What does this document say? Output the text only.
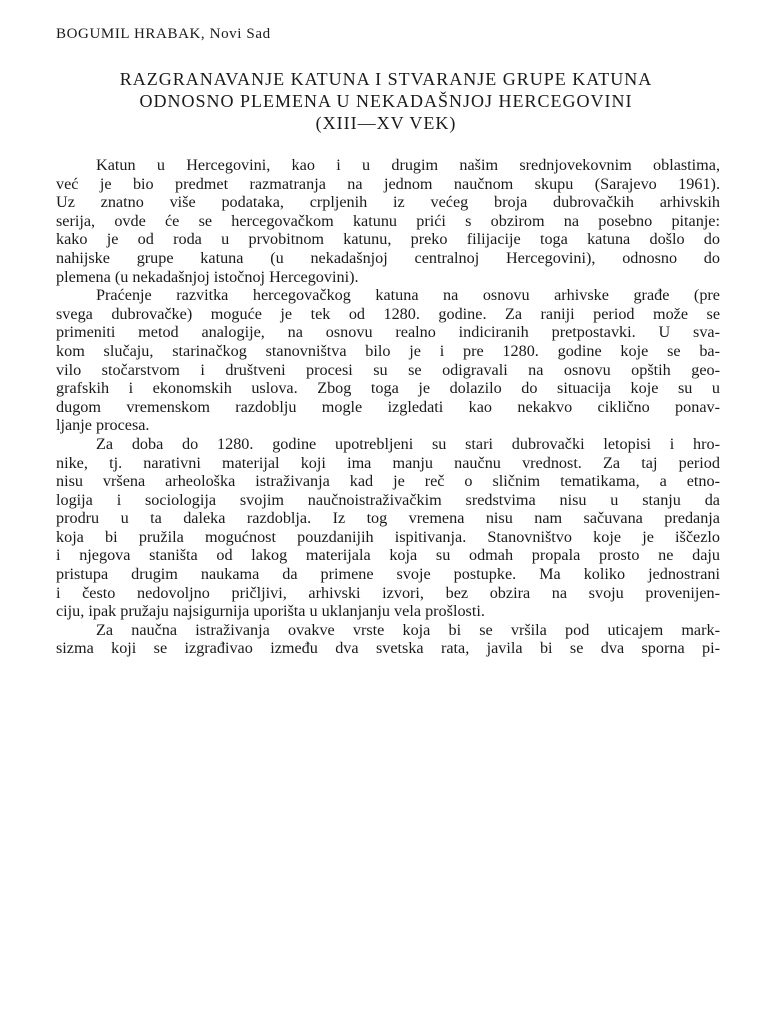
BOGUMIL HRABAK, Novi Sad
RAZGRANAVANJE KATUNA I STVARANJE GRUPE KATUNA
ODNOSNO PLEMENA U NEKADAŠNJOJ HERCEGOVINI
(XIII—XV VEK)
Katun u Hercegovini, kao i u drugim našim srednjovekovnim oblastima,
već je bio predmet razmatranja na jednom naučnom skupu (Sarajevo 1961).
Uz znatno više podataka, crpljenih iz većeg broja dubrovačkih arhivskih
serija, ovde će se hercegovačkom katunu prići s obzirom na posebno pitanje:
kako je od roda u prvobitnom katunu, preko filijacije toga katuna došlo do
nahijske grupe katuna (u nekadašnjoj centralnoj Hercegovini), odnosno do
plemena (u nekadašnjoj istočnoj Hercegovini).
Praćenje razvitka hercegovačkog katuna na osnovu arhivske građe (pre
svega dubrovačke) moguće je tek od 1280. godine. Za raniji period može se
primeniti metod analogije, na osnovu realno indiciranih pretpostavki. U sva-
kom slučaju, starinačkog stanovništva bilo je i pre 1280. godine koje se ba-
vilo stočarstvom i društveni procesi su se odigravali na osnovu opštih geo-
grafskih i ekonomskih uslova. Zbog toga je dolazilo do situacija koje su u
dugom vremenskom razdoblju mogle izgledati kao nekakvo ciklično ponav-
ljanje procesa.
Za doba do 1280. godine upotrebljeni su stari dubrovački letopisi i hro-
nike, tj. narativni materijal koji ima manju naučnu vrednost. Za taj period
nisu vršena arheološka istraživanja kad je reč o sličnim tematikama, a etno-
logija i sociologija svojim naučnoistraživačkim sredstvima nisu u stanju da
prodru u ta daleka razdoblja. Iz tog vremena nisu nam sačuvana predanja
koja bi pružila mogućnost pouzdanijih ispitivanja. Stanovništvo koje je iščezlo
i njegova staništa od lakog materijala koja su odmah propala prosto ne daju
pristupa drugim naukama da primene svoje postupke. Ma koliko jednostrani
i često nedovoljno pričljivi, arhivski izvori, bez obzira na svoju provenijen-
ciju, ipak pružaju najsigurnija uporišta u uklanjanju vela prošlosti.
Za naučna istraživanja ovakve vrste koja bi se vršila pod uticajem mark-
sizma koji se izgrađivao između dva svetska rata, javila bi se dva sporna pi-
